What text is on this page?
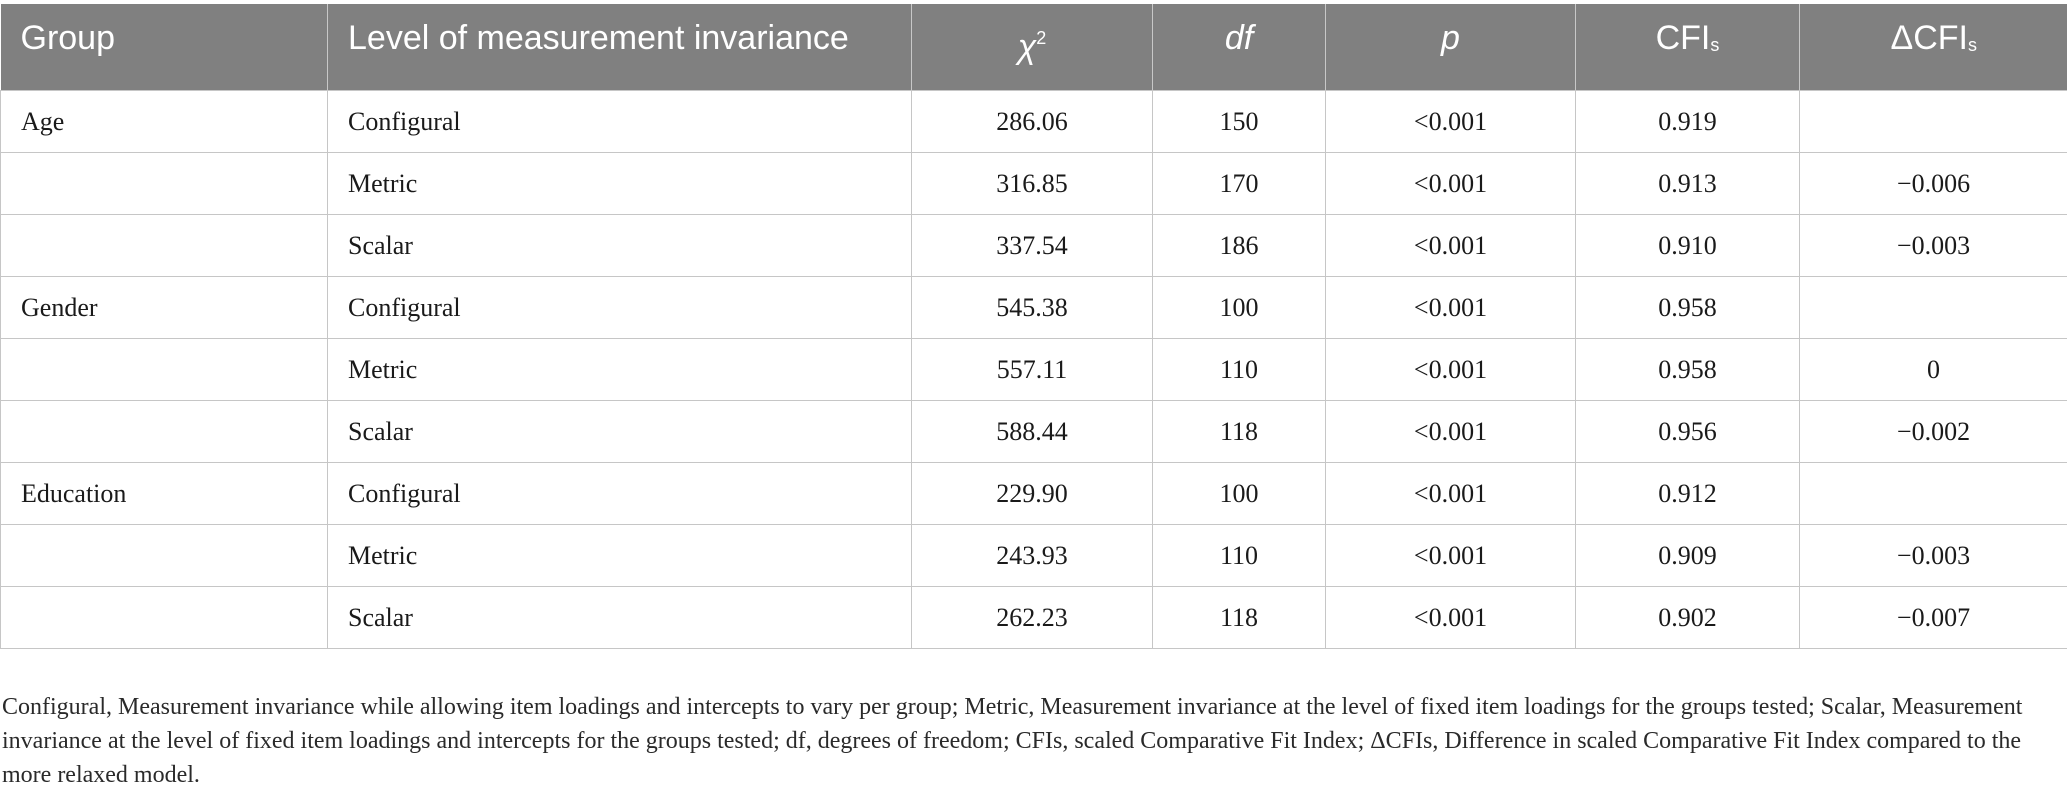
Group	Level of measurement invariance	$\chi^2$	df	p	$CFI_s$	$\Delta CFI_s$
Age	Configural	286.06	150	<0.001	0.919	
	Metric	316.85	170	<0.001	0.913	−0.006
	Scalar	337.54	186	<0.001	0.910	−0.003
Gender	Configural	545.38	100	<0.001	0.958	
	Metric	557.11	110	<0.001	0.958	0
	Scalar	588.44	118	<0.001	0.956	−0.002
Education	Configural	229.90	100	<0.001	0.912	
	Metric	243.93	110	<0.001	0.909	−0.003
	Scalar	262.23	118	<0.001	0.902	−0.007
Configural, Measurement invariance while allowing item loadings and intercepts to vary per group; Metric, Measurement invariance at the level of fixed item loadings for the groups tested; Scalar, Measurement invariance at the level of fixed item loadings and intercepts for the groups tested; df, degrees of freedom; CFIs, scaled Comparative Fit Index; ΔCFIs, Difference in scaled Comparative Fit Index compared to the more relaxed model.
